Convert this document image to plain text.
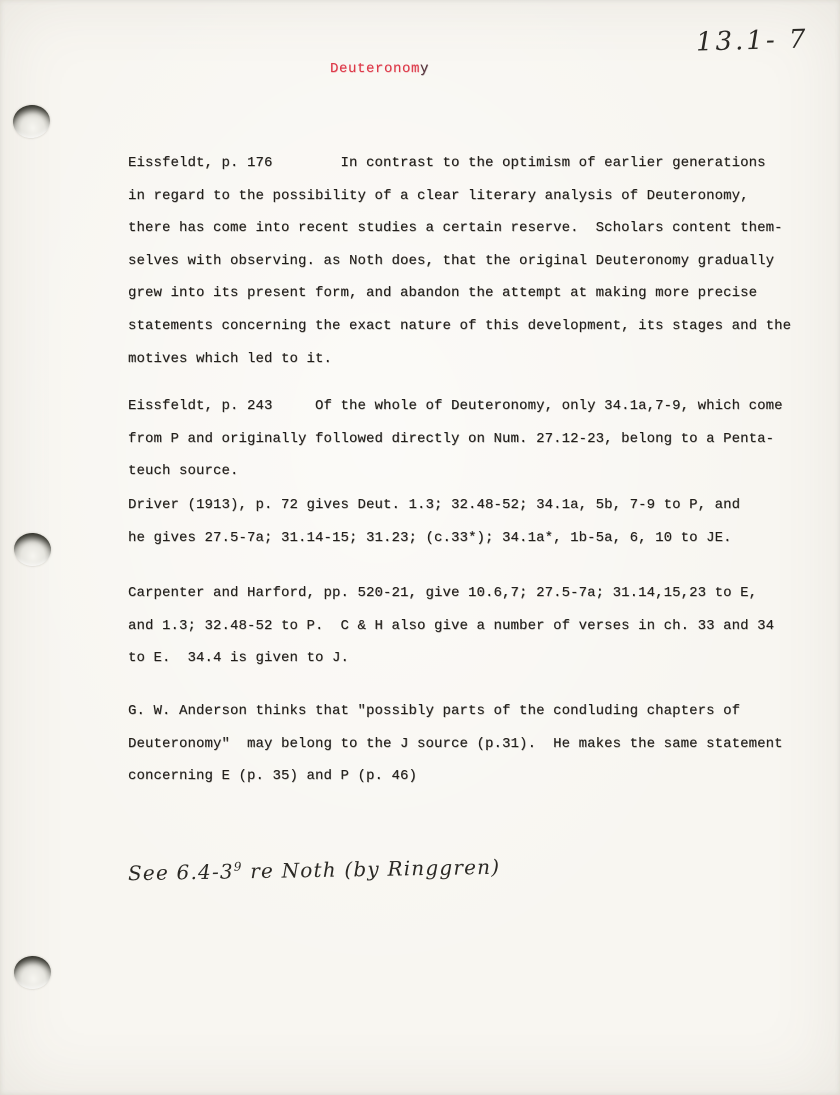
Deuteronomy
13.1- 7
Eissfeldt, p. 176        In contrast to the optimism of earlier generations
in regard to the possibility of a clear literary analysis of Deuteronomy,
there has come into recent studies a certain reserve.  Scholars content them-
selves with observing. as Noth does, that the original Deuteronomy gradually
grew into its present form, and abandon the attempt at making more precise
statements concerning the exact nature of this development, its stages and the
motives which led to it.
Eissfeldt, p. 243     Of the whole of Deuteronomy, only 34.1a,7-9, which come
from P and originally followed directly on Num. 27.12-23, belong to a Penta-
teuch source.
Driver (1913), p. 72 gives Deut. 1.3; 32.48-52; 34.1a, 5b, 7-9 to P, and
he gives 27.5-7a; 31.14-15; 31.23; (c.33*); 34.1a*, 1b-5a, 6, 10 to JE.
Carpenter and Harford, pp. 520-21, give 10.6,7; 27.5-7a; 31.14,15,23 to E,
and 1.3; 32.48-52 to P.  C & H also give a number of verses in ch. 33 and 34
to E.  34.4 is given to J.
G. W. Anderson thinks that "possibly parts of the condluding chapters of
Deuteronomy"  may belong to the J source (p.31).  He makes the same statement
concerning E (p. 35) and P (p. 46)
See $6.4-3^9$ re Noth (by Ringgren)
